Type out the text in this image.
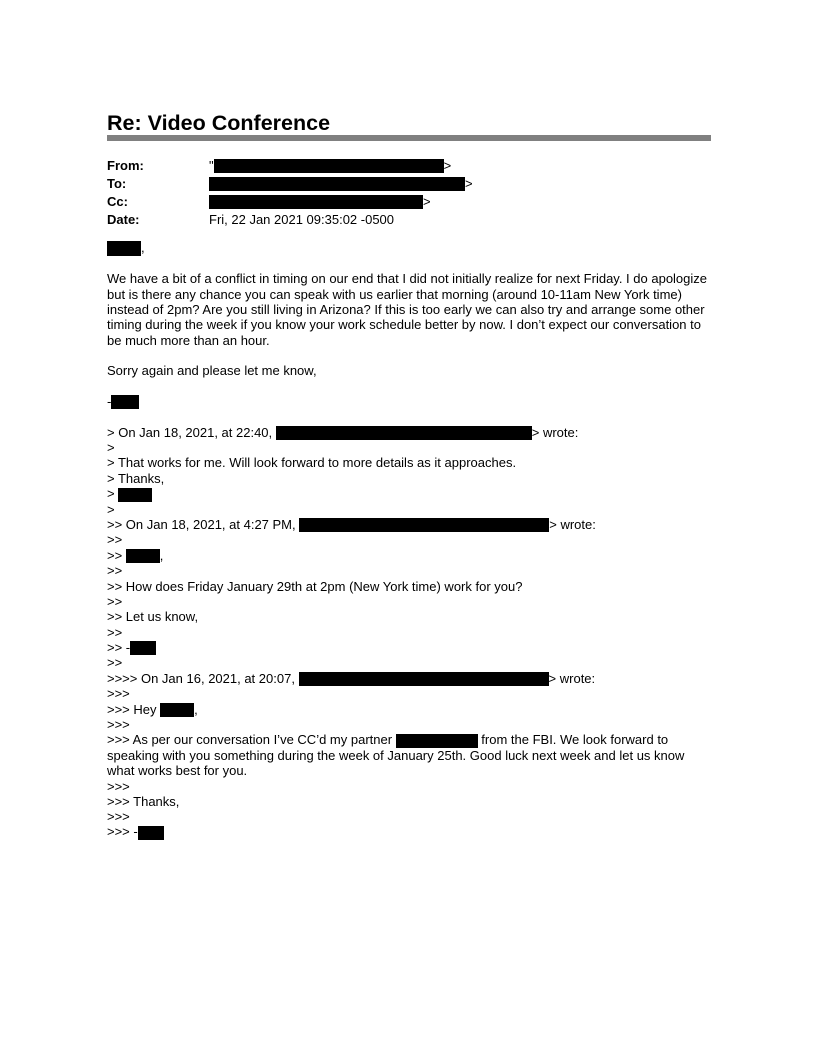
Re: Video Conference
From:	"	>
To:	>
Cc:	>
Date:	Fri, 22 Jan 2021 09:35:02 -0500
,

We have a bit of a conflict in timing on our end that I did not initially realize for next Friday. I do apologize but is there any chance you can speak with us earlier that morning (around 10-11am New York time) instead of 2pm? Are you still living in Arizona? If this is too early we can also try and arrange some other timing during the week if you know your work schedule better by now. I don’t expect our conversation to be much more than an hour.

Sorry again and please let me know,

-
> On Jan 18, 2021, at 22:40,	> wrote:
>
> That works for me. Will look forward to more details as it approaches.
> Thanks,
>
>
>> On Jan 18, 2021, at 4:27 PM,	> wrote:
>>
>>	,
>>
>> How does Friday January 29th at 2pm (New York time) work for you?
>>
>> Let us know,
>>
>> -
>>
>>>> On Jan 16, 2021, at 20:07,	> wrote:
>>>
>>> Hey	,
>>>
>>> As per our conversation I’ve CC’d my partner	from the FBI. We look forward to
speaking with you something during the week of January 25th. Good luck next week and let us know
what works best for you.
>>>
>>> Thanks,
>>>
>>> -
